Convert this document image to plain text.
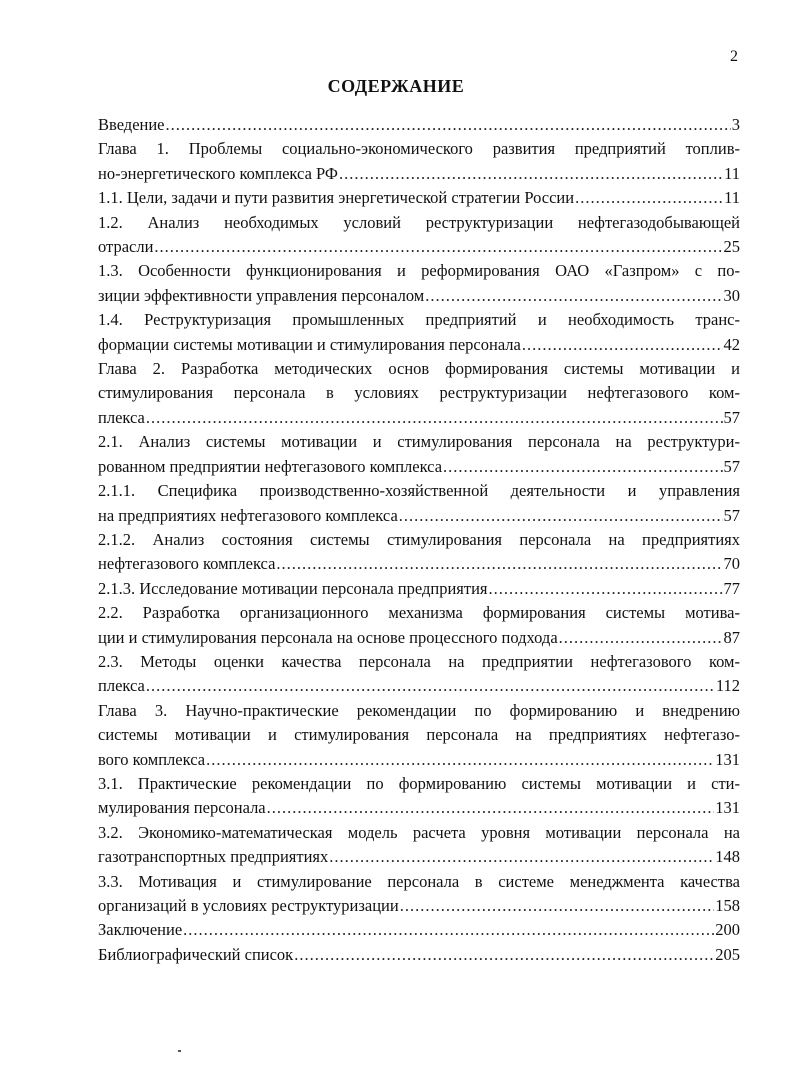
2
СОДЕРЖАНИЕ
Введение .....	3
Глава 1. Проблемы социально-экономического развития предприятий топлив-
но-энергетического комплекса РФ .....	11
1.1. Цели, задачи и пути развития энергетической стратегии России .....	11
1.2. Анализ необходимых условий реструктуризации нефтегазодобывающей
отрасли .....	25
1.3. Особенности функционирования и реформирования ОАО «Газпром» с по-
зиции эффективности управления персоналом .....	30
1.4. Реструктуризация промышленных предприятий и необходимость транс-
формации системы мотивации и стимулирования персонала .....	42
Глава 2. Разработка методических основ формирования системы мотивации и
стимулирования персонала в условиях реструктуризации нефтегазового ком-
плекса .....	57
2.1. Анализ системы мотивации и стимулирования персонала на реструктури-
рованном предприятии нефтегазового комплекса .....	57
2.1.1. Специфика производственно-хозяйственной деятельности и управления
на предприятиях нефтегазового комплекса .....	57
2.1.2. Анализ состояния системы стимулирования персонала на предприятиях
нефтегазового комплекса .....	70
2.1.3. Исследование мотивации персонала предприятия .....	77
2.2. Разработка организационного механизма формирования системы мотива-
ции и стимулирования персонала на основе процессного подхода .....	87
2.3. Методы оценки качества персонала на предприятии нефтегазового ком-
плекса .....	112
Глава 3. Научно-практические рекомендации по формированию и внедрению
системы мотивации и стимулирования персонала на предприятиях нефтегазо-
вого комплекса .....	131
3.1. Практические рекомендации по формированию системы мотивации и сти-
мулирования персонала .....	131
3.2. Экономико-математическая модель расчета уровня мотивации персонала на
газотранспортных предприятиях .....	148
3.3. Мотивация и стимулирование персонала в системе менеджмента качества
организаций в условиях реструктуризации .....	158
Заключение .....	200
Библиографический список .....	205
